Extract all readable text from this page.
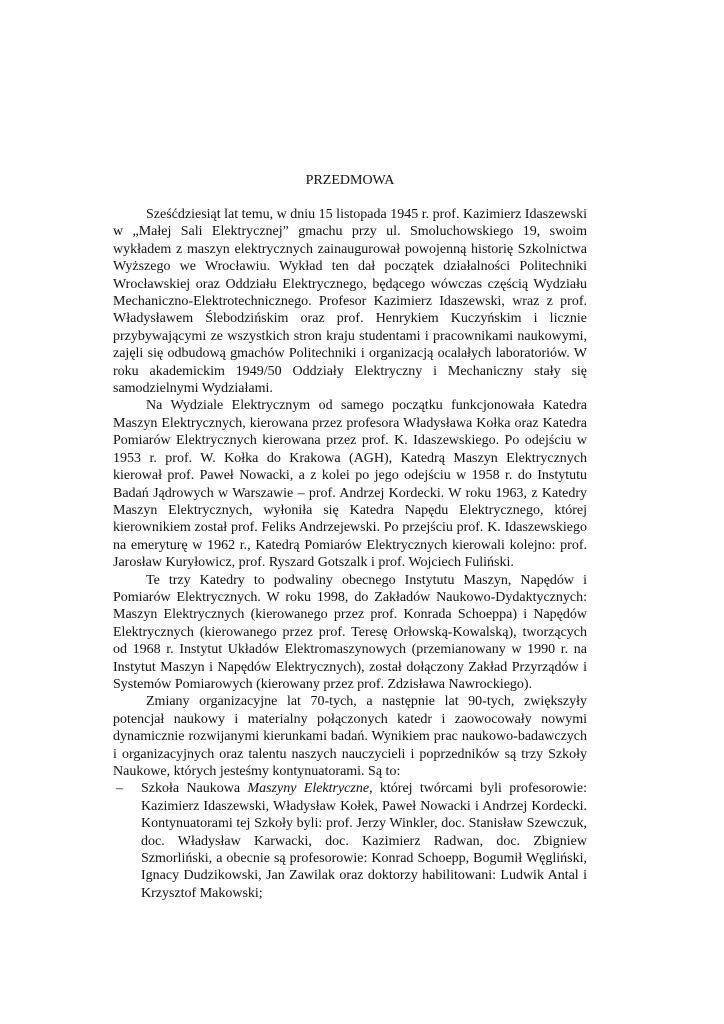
PRZEDMOWA

Sześćdziesiąt lat temu, w dniu 15 listopada 1945 r. prof. Kazimierz Idaszewski w „Małej Sali Elektrycznej” gmachu przy ul. Smoluchowskiego 19, swoim wykładem z maszyn elektrycznych zainaugurował powojenną historię Szkolnictwa Wyższego we Wrocławiu. Wykład ten dał początek działalności Politechniki Wrocławskiej oraz Oddziału Elektrycznego, będącego wówczas częścią Wydziału Mechaniczno-Elektrotechnicznego. Profesor Kazimierz Idaszewski, wraz z prof. Władysławem Ślebodzińskim oraz prof. Henrykiem Kuczyńskim i licznie przybywającymi ze wszystkich stron kraju studentami i pracownikami naukowymi, zajęli się odbudową gmachów Politechniki i organizacją ocalałych laboratoriów. W roku akademickim 1949/50 Oddziały Elektryczny i Mechaniczny stały się samodzielnymi Wydziałami.

Na Wydziale Elektrycznym od samego początku funkcjonowała Katedra Maszyn Elektrycznych, kierowana przez profesora Władysława Kołka oraz Katedra Pomiarów Elektrycznych kierowana przez prof. K. Idaszewskiego. Po odejściu w 1953 r. prof. W. Kołka do Krakowa (AGH), Katedrą Maszyn Elektrycznych kierował prof. Paweł Nowacki, a z kolei po jego odejściu w 1958 r. do Instytutu Badań Jądrowych w Warszawie – prof. Andrzej Kordecki. W roku 1963, z Katedry Maszyn Elektrycznych, wyłoniła się Katedra Napędu Elektrycznego, której kierownikiem został prof. Feliks Andrzejewski. Po przejściu prof. K. Idaszewskiego na emeryturę w 1962 r., Katedrą Pomiarów Elektrycznych kierowali kolejno: prof. Jarosław Kuryłowicz, prof. Ryszard Gotszalk i prof. Wojciech Fuliński.

Te trzy Katedry to podwaliny obecnego Instytutu Maszyn, Napędów i Pomiarów Elektrycznych. W roku 1998, do Zakładów Naukowo-Dydaktycznych: Maszyn Elektrycznych (kierowanego przez prof. Konrada Schoeppa) i Napędów Elektrycznych (kierowanego przez prof. Teresę Orłowską-Kowalską), tworzących od 1968 r. Instytut Układów Elektromaszynowych (przemianowany w 1990 r. na Instytut Maszyn i Napędów Elektrycznych), został dołączony Zakład Przyrządów i Systemów Pomiarowych (kierowany przez prof. Zdzisława Nawrockiego).

Zmiany organizacyjne lat 70-tych, a następnie lat 90-tych, zwiększyły potencjał naukowy i materialny połączonych katedr i zaowocowały nowymi dynamicznie rozwijanymi kierunkami badań. Wynikiem prac naukowo-badawczych i organizacyjnych oraz talentu naszych nauczycieli i poprzedników są trzy Szkoły Naukowe, których jesteśmy kontynuatorami. Są to:

– Szkoła Naukowa Maszyny Elektryczne, której twórcami byli profesorowie: Kazimierz Idaszewski, Władysław Kołek, Paweł Nowacki i Andrzej Kordecki. Kontynuatorami tej Szkoły byli: prof. Jerzy Winkler, doc. Stanisław Szewczuk, doc. Władysław Karwacki, doc. Kazimierz Radwan, doc. Zbigniew Szmorliński, a obecnie są profesorowie: Konrad Schoepp, Bogumił Węgliński, Ignacy Dudzikowski, Jan Zawilak oraz doktorzy habilitowani: Ludwik Antal i Krzysztof Makowski;
